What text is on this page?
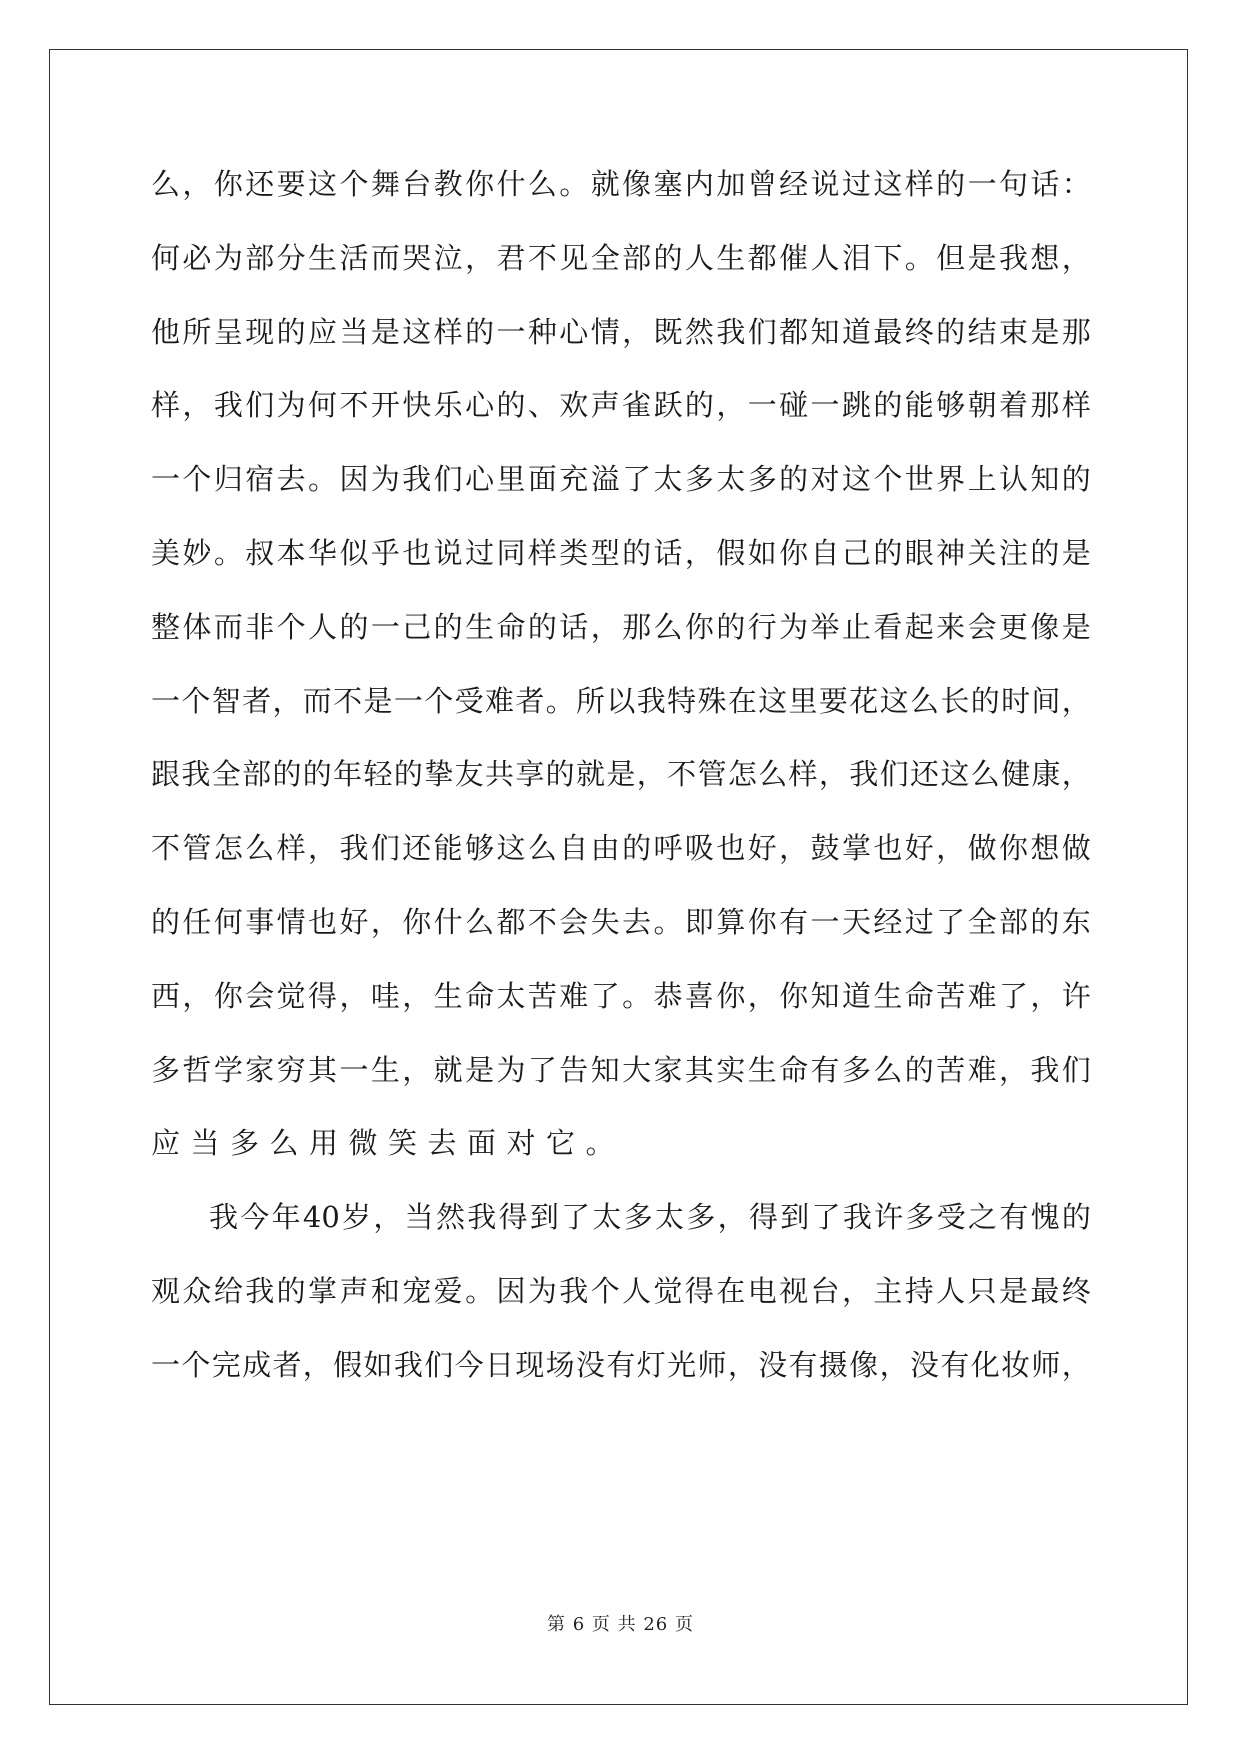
么 ， 你 还 要 这 个 舞 台 教 你 什 么 。 就 像 塞 内 加 曾 经 说 过 这 样 的 一 句 话 ：
何 必 为 部 分 生 活 而 哭 泣 ， 君 不 见 全 部 的 人 生 都 催 人 泪 下 。 但 是 我 想 ，
他 所 呈 现 的 应 当 是 这 样 的 一 种 心 情 ， 既 然 我 们 都 知 道 最 终 的 结 束 是 那
样 ， 我 们 为 何 不 开 快 乐 心 的 、 欢 声 雀 跃 的 ， 一 碰 一 跳 的 能 够 朝 着 那 样
一 个 归 宿 去 。 因 为 我 们 心 里 面 充 溢 了 太 多 太 多 的 对 这 个 世 界 上 认 知 的
美 妙 。 叔 本 华 似 乎 也 说 过 同 样 类 型 的 话 ， 假 如 你 自 己 的 眼 神 关 注 的 是
整 体 而 非 个 人 的 一 己 的 生 命 的 话 ， 那 么 你 的 行 为 举 止 看 起 来 会 更 像 是
一 个 智 者 ， 而 不 是 一 个 受 难 者 。 所 以 我 特 殊 在 这 里 要 花 这 么 长 的 时 间 ，
跟 我 全 部 的 的 年 轻 的 挚 友 共 享 的 就 是 ， 不 管 怎 么 样 ， 我 们 还 这 么 健 康 ，
不 管 怎 么 样 ， 我 们 还 能 够 这 么 自 由 的 呼 吸 也 好 ， 鼓 掌 也 好 ， 做 你 想 做
的 任 何 事 情 也 好 ， 你 什 么 都 不 会 失 去 。 即 算 你 有 一 天 经 过 了 全 部 的 东
西 ， 你 会 觉 得 ， 哇 ， 生 命 太 苦 难 了 。 恭 喜 你 ， 你 知 道 生 命 苦 难 了 ， 许
多 哲 学 家 穷 其 一 生 ， 就 是 为 了 告 知 大 家 其 实 生 命 有 多 么 的 苦 难 ， 我 们
应当多么用微笑去面对它。
我 今 年 40 岁 ， 当 然 我 得 到 了 太 多 太 多 ， 得 到 了 我 许 多 受 之 有 愧 的
观 众 给 我 的 掌 声 和 宠 爱 。 因 为 我 个 人 觉 得 在 电 视 台 ， 主 持 人 只 是 最 终
一 个 完 成 者 ， 假 如 我 们 今 日 现 场 没 有 灯 光 师 ， 没 有 摄 像 ， 没 有 化 妆 师 ，
第 6 页 共 26 页
